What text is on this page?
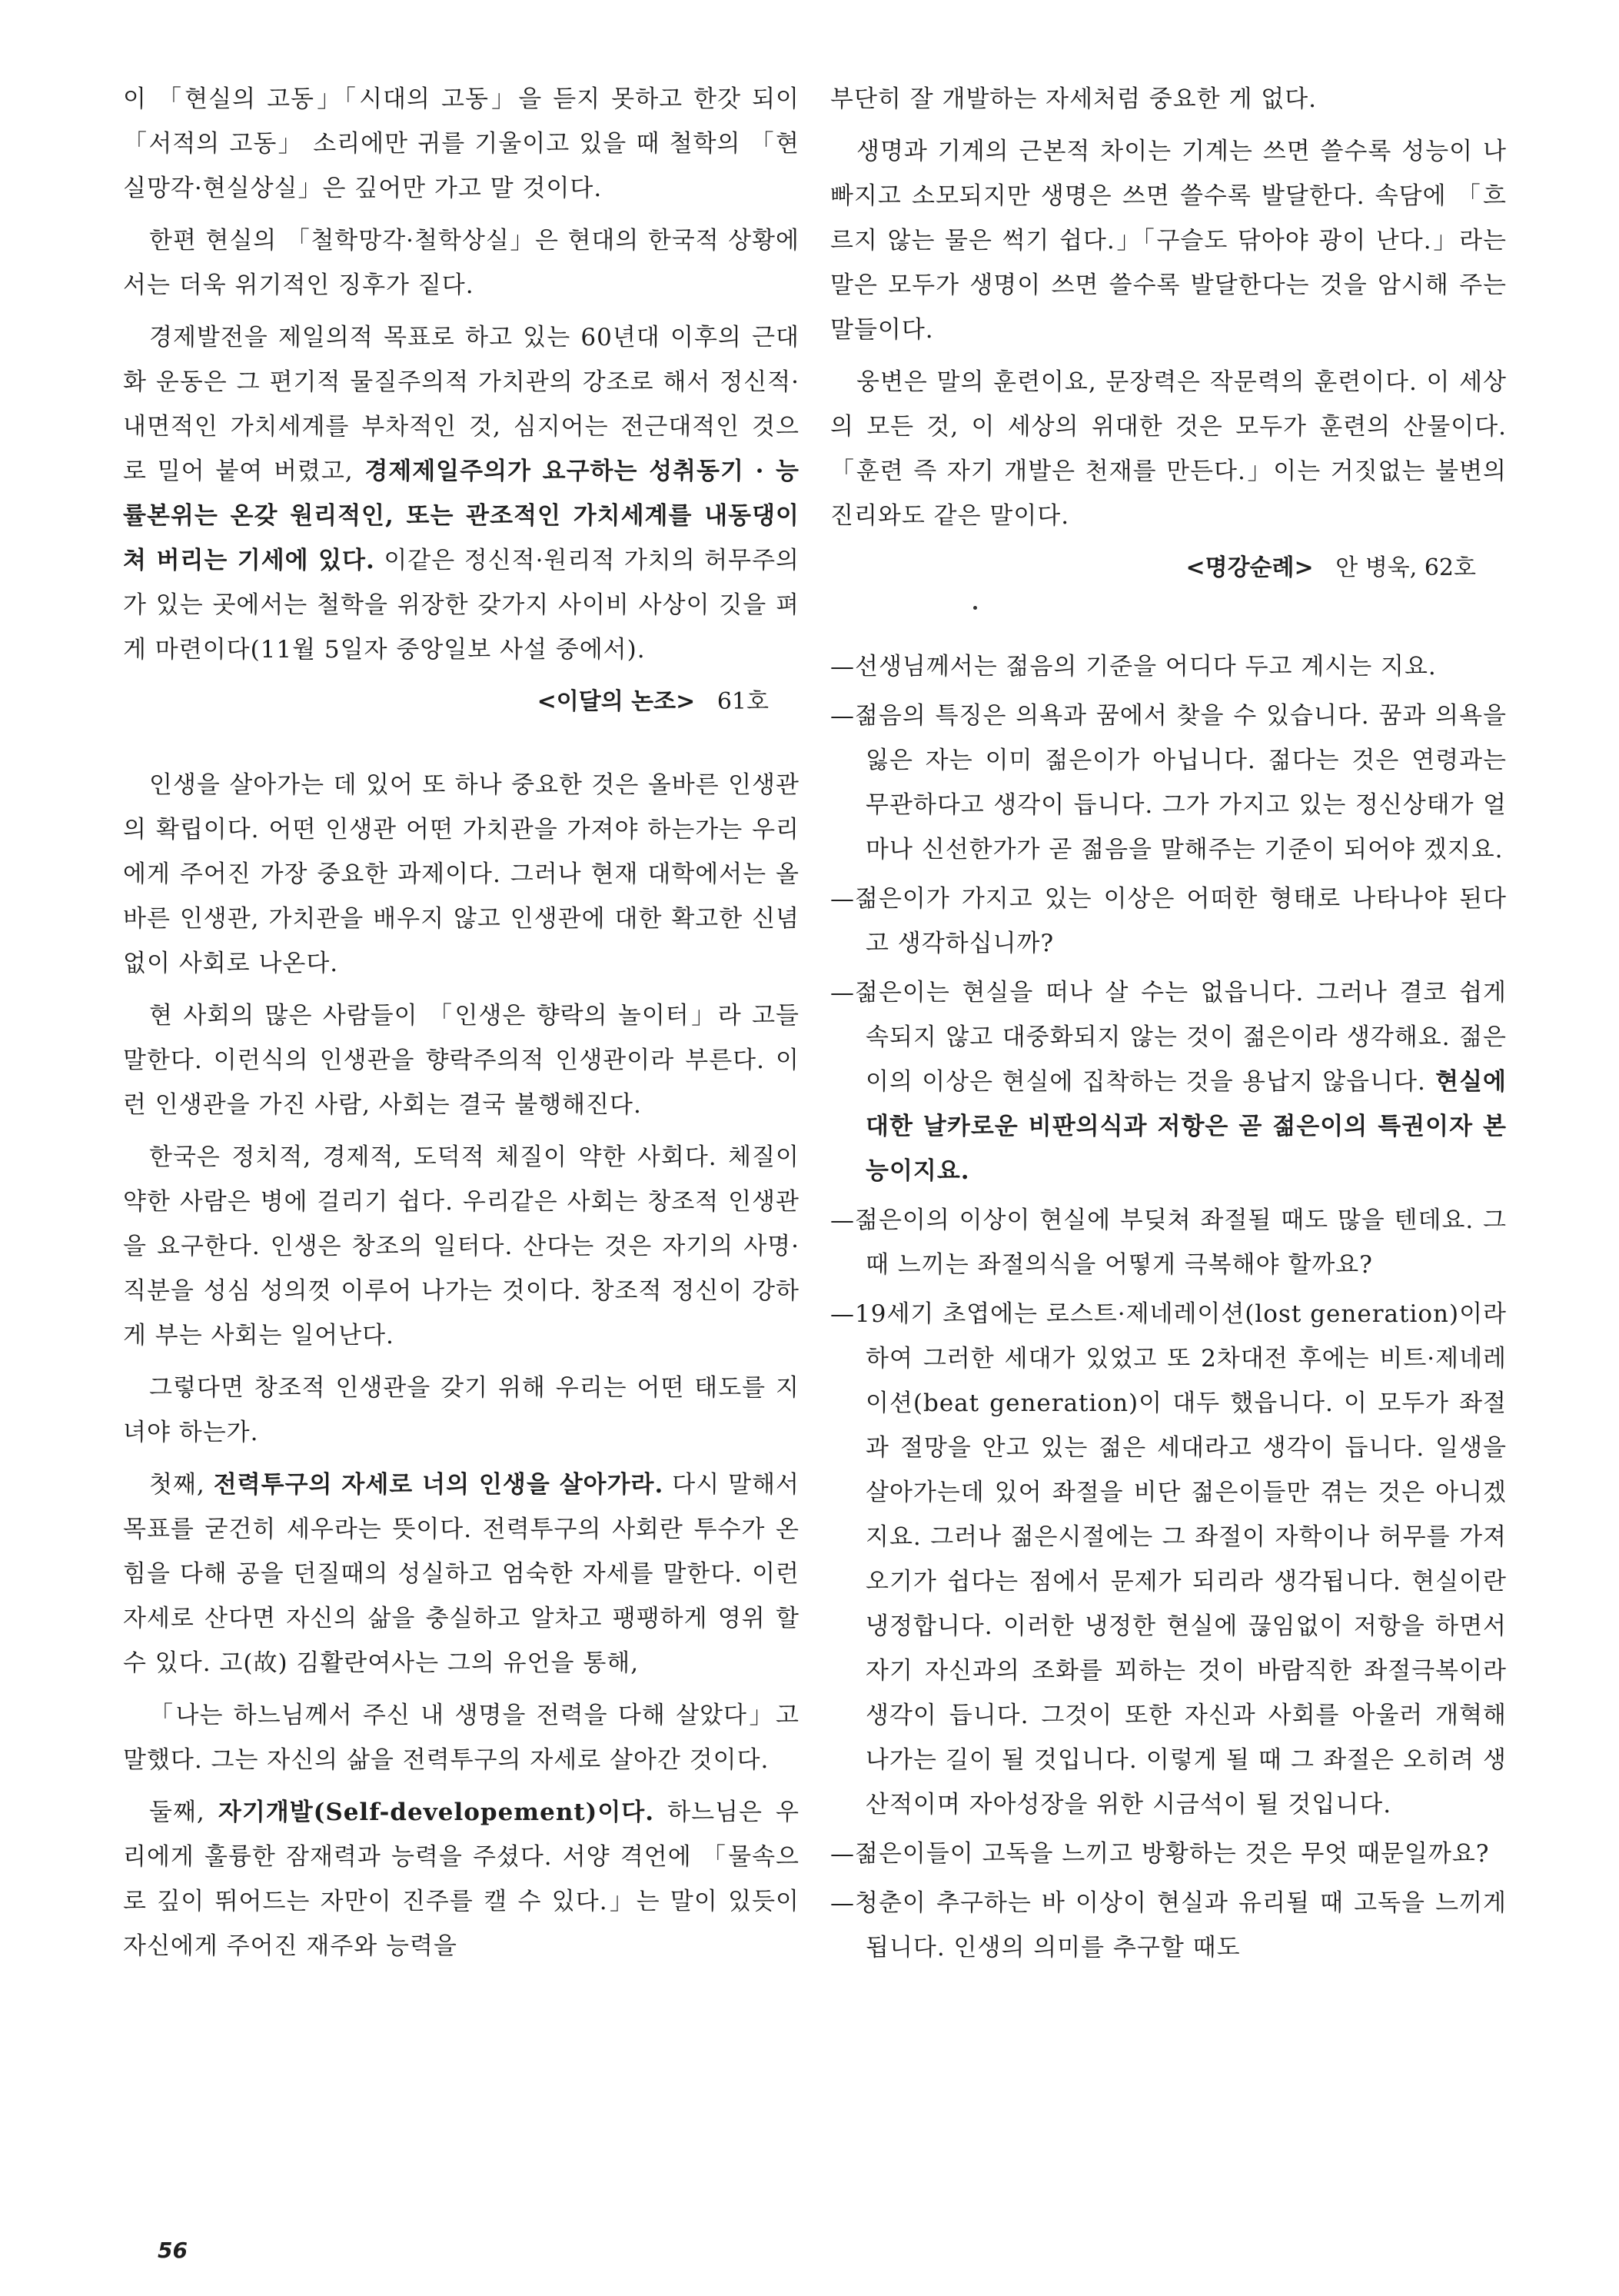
이 「현실의 고동」「시대의 고동」을 듣지 못하고 한갓 되이 「서적의 고동」 소리에만 귀를 기울이고 있을 때 철학의 「현실망각·현실상실」은 깊어만 가고 말 것이다.

한편 현실의 「철학망각·철학상실」은 현대의 한국적 상황에서는 더욱 위기적인 징후가 짙다.

경제발전을 제일의적 목표로 하고 있는 60년대 이후의 근대화 운동은 그 편기적 물질주의적 가치관의 강조로 해서 정신적·내면적인 가치세계를 부차적인 것, 심지어는 전근대적인 것으로 밀어 붙여 버렸고, 경제제일주의가 요구하는 성취동기 · 능률본위는 온갖 원리적인, 또는 관조적인 가치세계를 내동댕이쳐 버리는 기세에 있다. 이같은 정신적·원리적 가치의 허무주의가 있는 곳에서는 철학을 위장한 갖가지 사이비 사상이 깃을 펴게 마련이다(11월 5일자 중앙일보 사설 중에서).

<이달의 논조> 61호

인생을 살아가는 데 있어 또 하나 중요한 것은 올바른 인생관의 확립이다. 어떤 인생관 어떤 가치관을 가져야 하는가는 우리에게 주어진 가장 중요한 과제이다. 그러나 현재 대학에서는 올바른 인생관, 가치관을 배우지 않고 인생관에 대한 확고한 신념없이 사회로 나온다.

현 사회의 많은 사람들이 「인생은 향락의 놀이터」라 고들 말한다. 이런식의 인생관을 향락주의적 인생관이라 부른다. 이런 인생관을 가진 사람, 사회는 결국 불행해진다.

한국은 정치적, 경제적, 도덕적 체질이 약한 사회다. 체질이 약한 사람은 병에 걸리기 쉽다. 우리같은 사회는 창조적 인생관을 요구한다. 인생은 창조의 일터다. 산다는 것은 자기의 사명·직분을 성심 성의껏 이루어 나가는 것이다. 창조적 정신이 강하게 부는 사회는 일어난다.

그렇다면 창조적 인생관을 갖기 위해 우리는 어떤 태도를 지녀야 하는가.

첫째, 전력투구의 자세로 너의 인생을 살아가라. 다시 말해서 목표를 굳건히 세우라는 뜻이다. 전력투구의 사회란 투수가 온 힘을 다해 공을 던질때의 성실하고 엄숙한 자세를 말한다. 이런 자세로 산다면 자신의 삶을 충실하고 알차고 팽팽하게 영위 할 수 있다. 고(故) 김활란여사는 그의 유언을 통해,

「나는 하느님께서 주신 내 생명을 전력을 다해 살았다」고 말했다. 그는 자신의 삶을 전력투구의 자세로 살아간 것이다.

둘째, 자기개발(Self-developement)이다. 하느님은 우리에게 훌륭한 잠재력과 능력을 주셨다. 서양 격언에 「물속으로 깊이 뛰어드는 자만이 진주를 캘 수 있다.」는 말이 있듯이 자신에게 주어진 재주와 능력을

부단히 잘 개발하는 자세처럼 중요한 게 없다.

생명과 기계의 근본적 차이는 기계는 쓰면 쓸수록 성능이 나빠지고 소모되지만 생명은 쓰면 쓸수록 발달한다. 속담에 「흐르지 않는 물은 썩기 쉽다.」「구슬도 닦아야 광이 난다.」라는 말은 모두가 생명이 쓰면 쓸수록 발달한다는 것을 암시해 주는 말들이다.

웅변은 말의 훈련이요, 문장력은 작문력의 훈련이다. 이 세상의 모든 것, 이 세상의 위대한 것은 모두가 훈련의 산물이다. 「훈련 즉 자기 개발은 천재를 만든다.」이는 거짓없는 불변의 진리와도 같은 말이다.

<명강순례> 안 병욱, 62호

—선생님께서는 젊음의 기준을 어디다 두고 계시는 지요.

—젊음의 특징은 의욕과 꿈에서 찾을 수 있습니다. 꿈과 의욕을 잃은 자는 이미 젊은이가 아닙니다. 젊다는 것은 연령과는 무관하다고 생각이 듭니다. 그가 가지고 있는 정신상태가 얼마나 신선한가가 곧 젊음을 말해주는 기준이 되어야 겠지요.

—젊은이가 가지고 있는 이상은 어떠한 형태로 나타나야 된다고 생각하십니까?

—젊은이는 현실을 떠나 살 수는 없읍니다. 그러나 결코 쉽게 속되지 않고 대중화되지 않는 것이 젊은이라 생각해요. 젊은이의 이상은 현실에 집착하는 것을 용납지 않읍니다. 현실에 대한 날카로운 비판의식과 저항은 곧 젊은이의 특권이자 본능이지요.

—젊은이의 이상이 현실에 부딪쳐 좌절될 때도 많을 텐데요. 그때 느끼는 좌절의식을 어떻게 극복해야 할까요?

—19세기 초엽에는 로스트·제네레이션(lost generation)이라 하여 그러한 세대가 있었고 또 2차대전 후에는 비트·제네레이션(beat generation)이 대두 했읍니다. 이 모두가 좌절과 절망을 안고 있는 젊은 세대라고 생각이 듭니다. 일생을 살아가는데 있어 좌절을 비단 젊은이들만 겪는 것은 아니겠지요. 그러나 젊은시절에는 그 좌절이 자학이나 허무를 가져오기가 쉽다는 점에서 문제가 되리라 생각됩니다. 현실이란 냉정합니다. 이러한 냉정한 현실에 끊임없이 저항을 하면서 자기 자신과의 조화를 꾀하는 것이 바람직한 좌절극복이라 생각이 듭니다. 그것이 또한 자신과 사회를 아울러 개혁해 나가는 길이 될 것입니다. 이렇게 될 때 그 좌절은 오히려 생산적이며 자아성장을 위한 시금석이 될 것입니다.

—젊은이들이 고독을 느끼고 방황하는 것은 무엇 때문일까요?

—청춘이 추구하는 바 이상이 현실과 유리될 때 고독을 느끼게 됩니다. 인생의 의미를 추구할 때도

56
